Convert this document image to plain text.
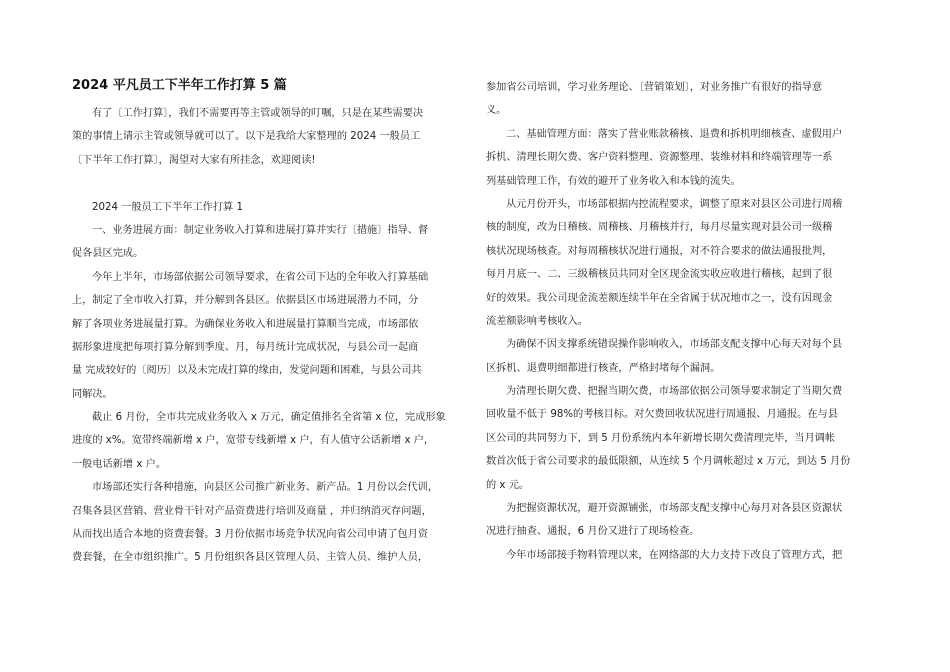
2024 平凡员工下半年工作打算 5 篇
有了〔工作打算〕，我们不需要再等主管或领导的叮嘱，只是在某些需要决
策的事情上请示主管或领导就可以了。以下是我给大家整理的 2024 一般员工
〔下半年工作打算〕，渴望对大家有所挂念，欢迎阅读!
2024 一般员工下半年工作打算 1
一、业务进展方面：制定业务收入打算和进展打算并实行〔措施〕指导、督
促各县区完成。
今年上半年，市场部依据公司领导要求，在省公司下达的全年收入打算基础
上，制定了全市收入打算，并分解到各县区。依据县区市场进展潜力不同，分
解了各项业务进展量打算。为确保业务收入和进展量打算顺当完成，市场部依
据形象进度把每项打算分解到季度、月，每月统计完成状况，与县公司一起商
量 完成较好的〔阅历〕以及未完成打算的缘由，发觉问题和困难，与县公司共
同解决。
截止 6 月份，全市共完成业务收入 x 万元，确定值排名全省第 x 位，完成形象
进度的 x%。宽带终端新增 x 户，宽带专线新增 x 户，有人值守公话新增 x 户，
一般电话新增 x 户。
市场部还实行各种措施，向县区公司推广新业务、新产品。1 月份以会代训，
召集各县区营销、营业骨干针对产品资费进行培训及商量 ，并归纳消灭存问题，
从而找出适合本地的资费套餐。3 月份依据市场竞争状况向省公司申请了包月资
费套餐，在全市组织推广。5 月份组织各县区管理人员、主管人员、维护人员，
参加省公司培训，学习业务理论、〔营销策划〕，对业务推广有很好的指导意
义。
二、基础管理方面：落实了营业账款稽核、退费和拆机明细核查、虚假用户
拆机、清理长期欠费、客户资料整理、资源整理、装维材料和终端管理等一系
列基础管理工作，有效的避开了业务收入和本钱的流失。
从元月份开头，市场部根据内控流程要求，调整了原来对县区公司进行周稽
核的制度，改为日稽核、周稽核、月稽核并行，每月尽量实现对县公司一级稽
核状况现场核查。对每周稽核状况进行通报，对不符合要求的做法通报批判，
每月月底一、二、三级稽核员共同对全区现金流实收应收进行稽核，起到了很
好的效果。我公司现金流差额连续半年在全省属于状况地市之一，没有因现金
流差额影响考核收入。
为确保不因支撑系统错误操作影响收入，市场部支配支撑中心每天对每个县
区拆机、退费明细都进行核查，严格封堵每个漏洞。
为清理长期欠费、把握当期欠费，市场部依据公司领导要求制定了当期欠费
回收量不低于 98%的考核目标。对欠费回收状况进行周通报、月通报。在与县
区公司的共同努力下，到 5 月份系统内本年新增长期欠费清理完毕，当月调帐
数首次低于省公司要求的最低限额，从连续 5 个月调帐超过 x 万元，到达 5 月份
的 x 元。
为把握资源状况，避开资源铺张，市场部支配支撑中心每月对各县区资源状
况进行抽查、通报，6 月份又进行了现场检查。
今年市场部接手物料管理以来，在网络部的大力支持下改良了管理方式，把
